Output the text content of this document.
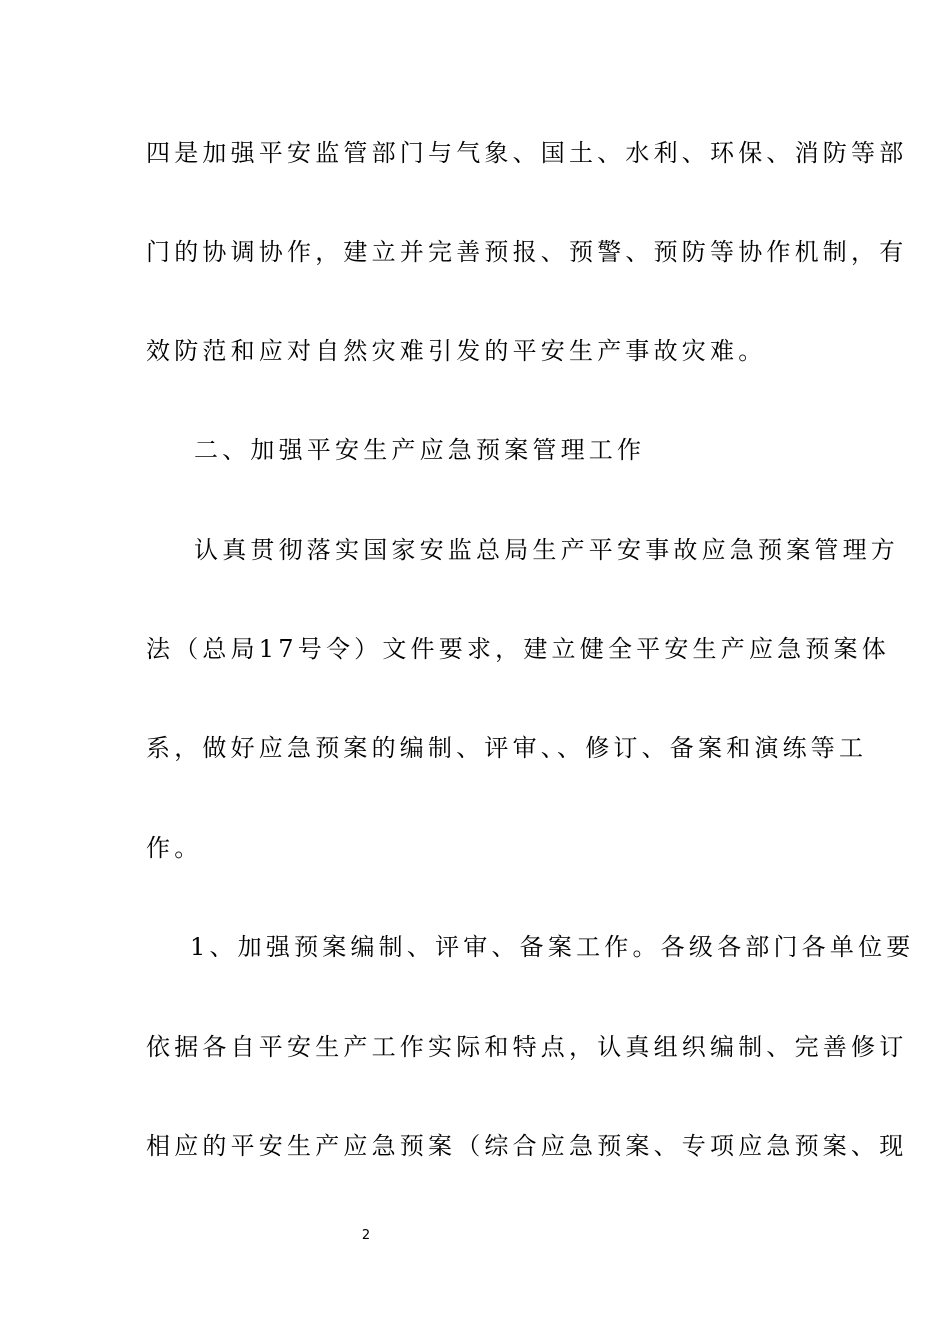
四是加强平安监管部门与气象、国土、水利、环保、消防等部
门的协调协作，建立并完善预报、预警、预防等协作机制，有
效防范和应对自然灾难引发的平安生产事故灾难。
二、加强平安生产应急预案管理工作
认真贯彻落实国家安监总局生产平安事故应急预案管理方
法（总局17号令）文件要求，建立健全平安生产应急预案体
系，做好应急预案的编制、评审、、修订、备案和演练等工
作。
1、加强预案编制、评审、备案工作。各级各部门各单位要
依据各自平安生产工作实际和特点，认真组织编制、完善修订
相应的平安生产应急预案（综合应急预案、专项应急预案、现
2
